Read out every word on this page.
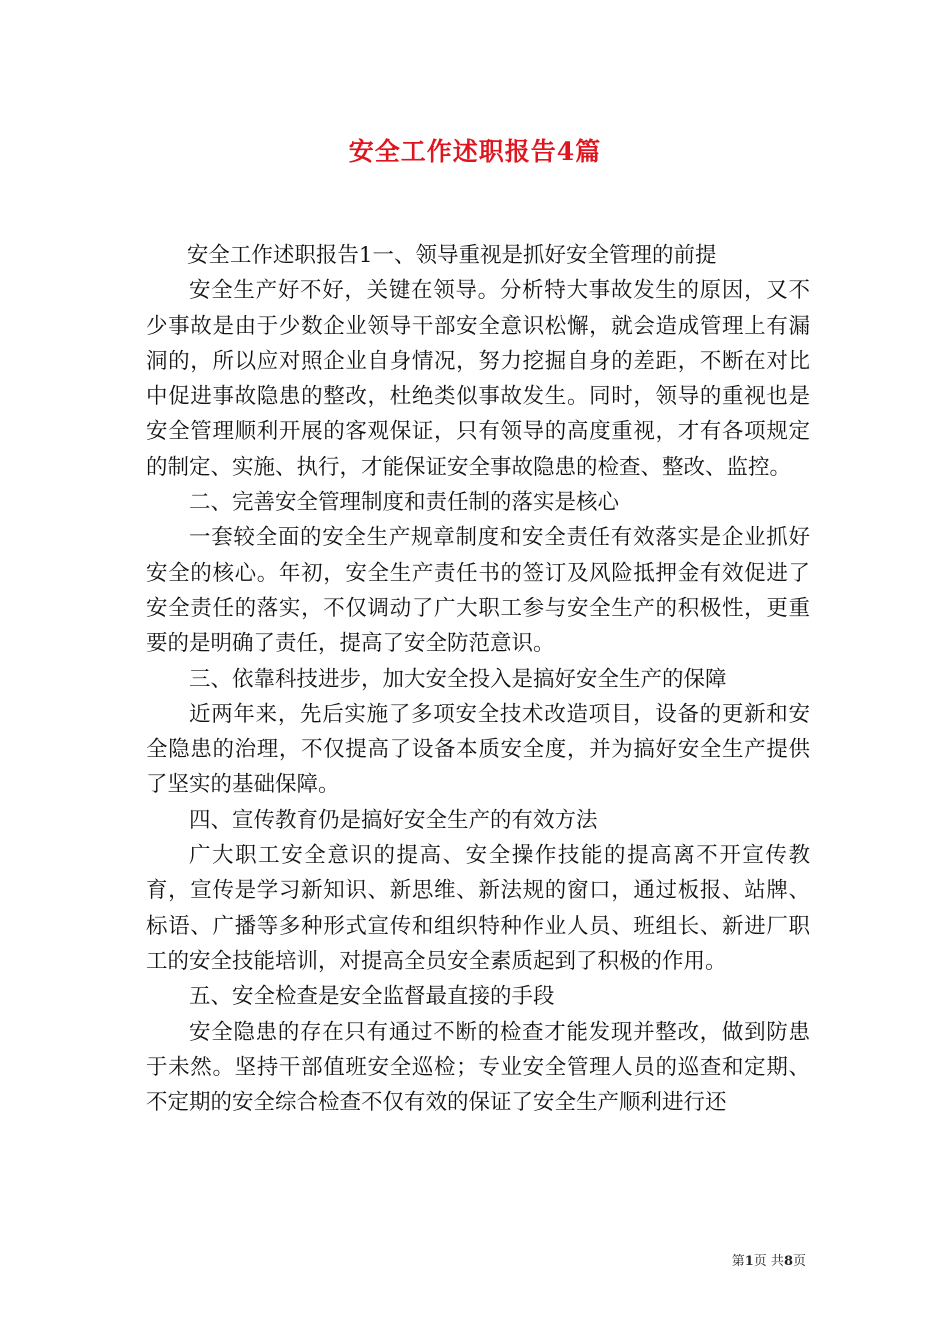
安全工作述职报告4篇

安全工作述职报告1一、领导重视是抓好安全管理的前提

安全生产好不好，关键在领导。分析特大事故发生的原因，又不少事故是由于少数企业领导干部安全意识松懈，就会造成管理上有漏洞的，所以应对照企业自身情况，努力挖掘自身的差距，不断在对比中促进事故隐患的整改，杜绝类似事故发生。同时，领导的重视也是安全管理顺利开展的客观保证，只有领导的高度重视，才有各项规定的制定、实施、执行，才能保证安全事故隐患的检查、整改、监控。

二、完善安全管理制度和责任制的落实是核心

一套较全面的安全生产规章制度和安全责任有效落实是企业抓好安全的核心。年初，安全生产责任书的签订及风险抵押金有效促进了安全责任的落实，不仅调动了广大职工参与安全生产的积极性，更重要的是明确了责任，提高了安全防范意识。

三、依靠科技进步，加大安全投入是搞好安全生产的保障

近两年来，先后实施了多项安全技术改造项目，设备的更新和安全隐患的治理，不仅提高了设备本质安全度，并为搞好安全生产提供了坚实的基础保障。

四、宣传教育仍是搞好安全生产的有效方法

广大职工安全意识的提高、安全操作技能的提高离不开宣传教育，宣传是学习新知识、新思维、新法规的窗口，通过板报、站牌、标语、广播等多种形式宣传和组织特种作业人员、班组长、新进厂职工的安全技能培训，对提高全员安全素质起到了积极的作用。

五、安全检查是安全监督最直接的手段

安全隐患的存在只有通过不断的检查才能发现并整改，做到防患于未然。坚持干部值班安全巡检；专业安全管理人员的巡查和定期、不定期的安全综合检查不仅有效的保证了安全生产顺利进行还

第1页 共8页
